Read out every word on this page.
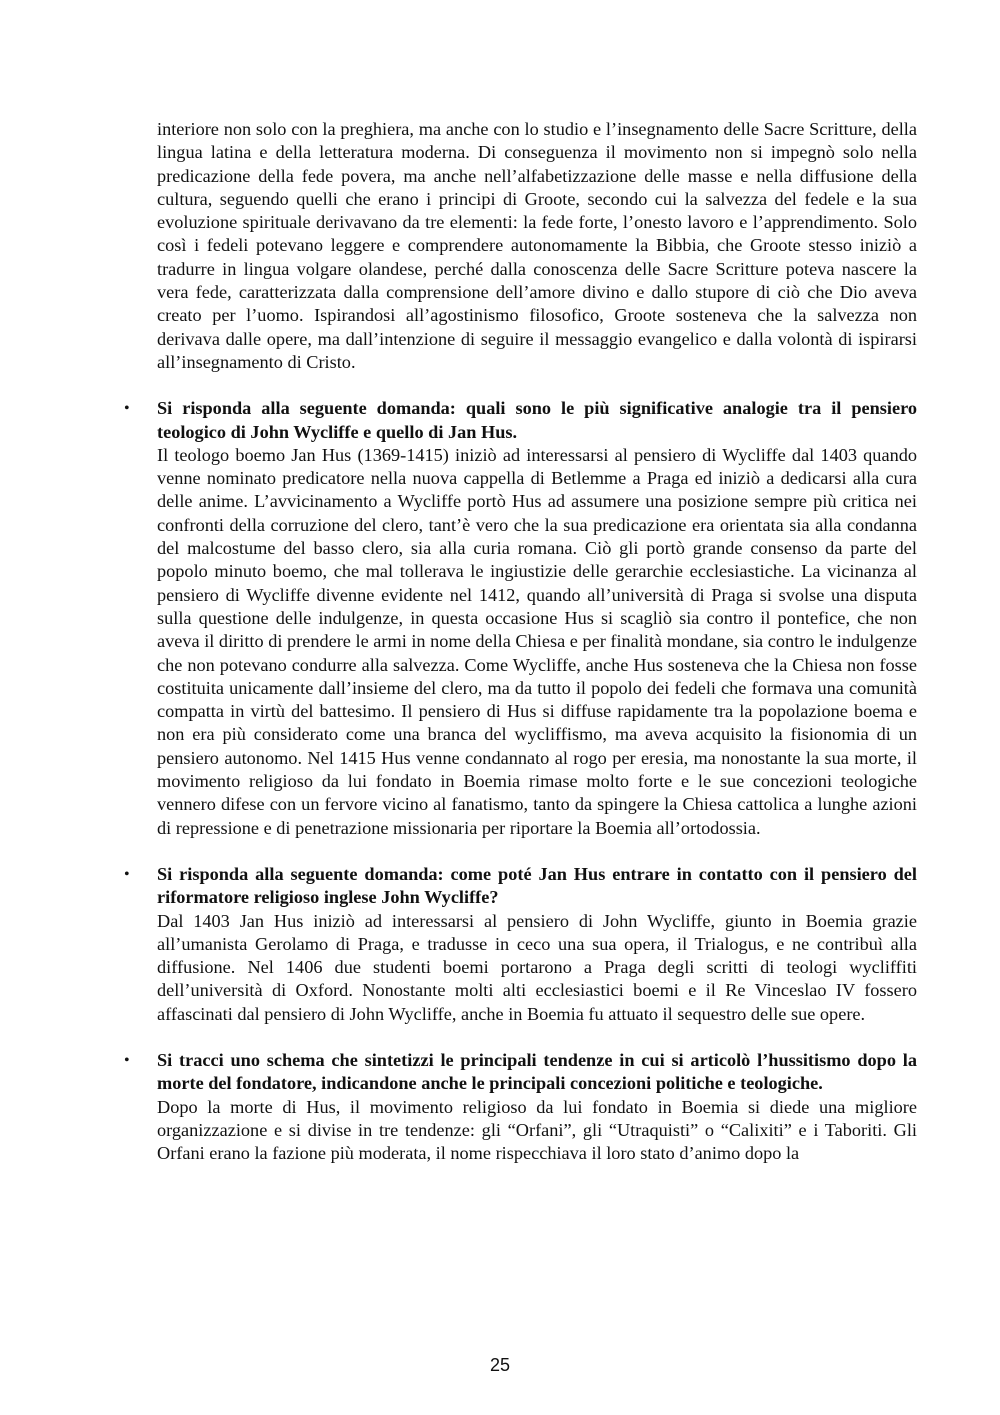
interiore non solo con la preghiera, ma anche con lo studio e l’insegnamento delle Sacre Scritture, della lingua latina e della letteratura moderna. Di conseguenza il movimento non si impegnò solo nella predicazione della fede povera, ma anche nell’alfabetizzazione delle masse e nella diffusione della cultura, seguendo quelli che erano i principi di Groote, secondo cui la salvezza del fedele e la sua evoluzione spirituale derivavano da tre elementi: la fede forte, l’onesto lavoro e l’apprendimento. Solo così i fedeli potevano leggere e comprendere autonomamente la Bibbia, che Groote stesso iniziò a tradurre in lingua volgare olandese, perché dalla conoscenza delle Sacre Scritture poteva nascere la vera fede, caratterizzata dalla comprensione dell’amore divino e dallo stupore di ciò che Dio aveva creato per l’uomo. Ispirandosi all’agostinismo filosofico, Groote sosteneva che la salvezza non derivava dalle opere, ma dall’intenzione di seguire il messaggio evangelico e dalla volontà di ispirarsi all’insegnamento di Cristo.

• Si risponda alla seguente domanda: quali sono le più significative analogie tra il pensiero teologico di John Wycliffe e quello di Jan Hus.

Il teologo boemo Jan Hus (1369-1415) iniziò ad interessarsi al pensiero di Wycliffe dal 1403 quando venne nominato predicatore nella nuova cappella di Betlemme a Praga ed iniziò a dedicarsi alla cura delle anime. L’avvicinamento a Wycliffe portò Hus ad assumere una posizione sempre più critica nei confronti della corruzione del clero, tant’è vero che la sua predicazione era orientata sia alla condanna del malcostume del basso clero, sia alla curia romana. Ciò gli portò grande consenso da parte del popolo minuto boemo, che mal tollerava le ingiustizie delle gerarchie ecclesiastiche. La vicinanza al pensiero di Wycliffe divenne evidente nel 1412, quando all’università di Praga si svolse una disputa sulla questione delle indulgenze, in questa occasione Hus si scagliò sia contro il pontefice, che non aveva il diritto di prendere le armi in nome della Chiesa e per finalità mondane, sia contro le indulgenze che non potevano condurre alla salvezza. Come Wycliffe, anche Hus sosteneva che la Chiesa non fosse costituita unicamente dall’insieme del clero, ma da tutto il popolo dei fedeli che formava una comunità compatta in virtù del battesimo. Il pensiero di Hus si diffuse rapidamente tra la popolazione boema e non era più considerato come una branca del wycliffismo, ma aveva acquisito la fisionomia di un pensiero autonomo. Nel 1415 Hus venne condannato al rogo per eresia, ma nonostante la sua morte, il movimento religioso da lui fondato in Boemia rimase molto forte e le sue concezioni teologiche vennero difese con un fervore vicino al fanatismo, tanto da spingere la Chiesa cattolica a lunghe azioni di repressione e di penetrazione missionaria per riportare la Boemia all’ortodossia.

• Si risponda alla seguente domanda: come poté Jan Hus entrare in contatto con il pensiero del riformatore religioso inglese John Wycliffe?

Dal 1403 Jan Hus iniziò ad interessarsi al pensiero di John Wycliffe, giunto in Boemia grazie all’umanista Gerolamo di Praga, e tradusse in ceco una sua opera, il Trialogus, e ne contribuì alla diffusione. Nel 1406 due studenti boemi portarono a Praga degli scritti di teologi wycliffiti dell’università di Oxford. Nonostante molti alti ecclesiastici boemi e il Re Vinceslao IV fossero affascinati dal pensiero di John Wycliffe, anche in Boemia fu attuato il sequestro delle sue opere.

• Si tracci uno schema che sintetizzi le principali tendenze in cui si articolò l’hussitismo dopo la morte del fondatore, indicandone anche le principali concezioni politiche e teologiche.

Dopo la morte di Hus, il movimento religioso da lui fondato in Boemia si diede una migliore organizzazione e si divise in tre tendenze: gli “Orfani”, gli “Utraquisti” o “Calixiti” e i Taboriti. Gli Orfani erano la fazione più moderata, il nome rispecchiava il loro stato d’animo dopo la

25
